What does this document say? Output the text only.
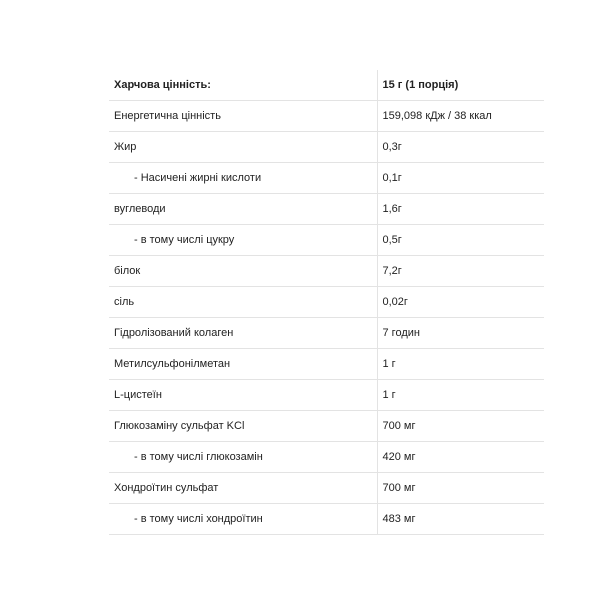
Харчова цінність:	15 г (1 порція)
Енергетична цінність	159,098 кДж / 38 ккал
Жир	0,3г
- Насичені жирні кислоти	0,1г
вуглеводи	1,6г
- в тому числі цукру	0,5г
білок	7,2г
сіль	0,02г
Гідролізований колаген	7 годин
Метилсульфонілметан	1 г
L-цистеїн	1 г
Глюкозаміну сульфат KCl	700 мг
- в тому числі глюкозамін	420 мг
Хондроїтин сульфат	700 мг
- в тому числі хондроїтин	483 мг
